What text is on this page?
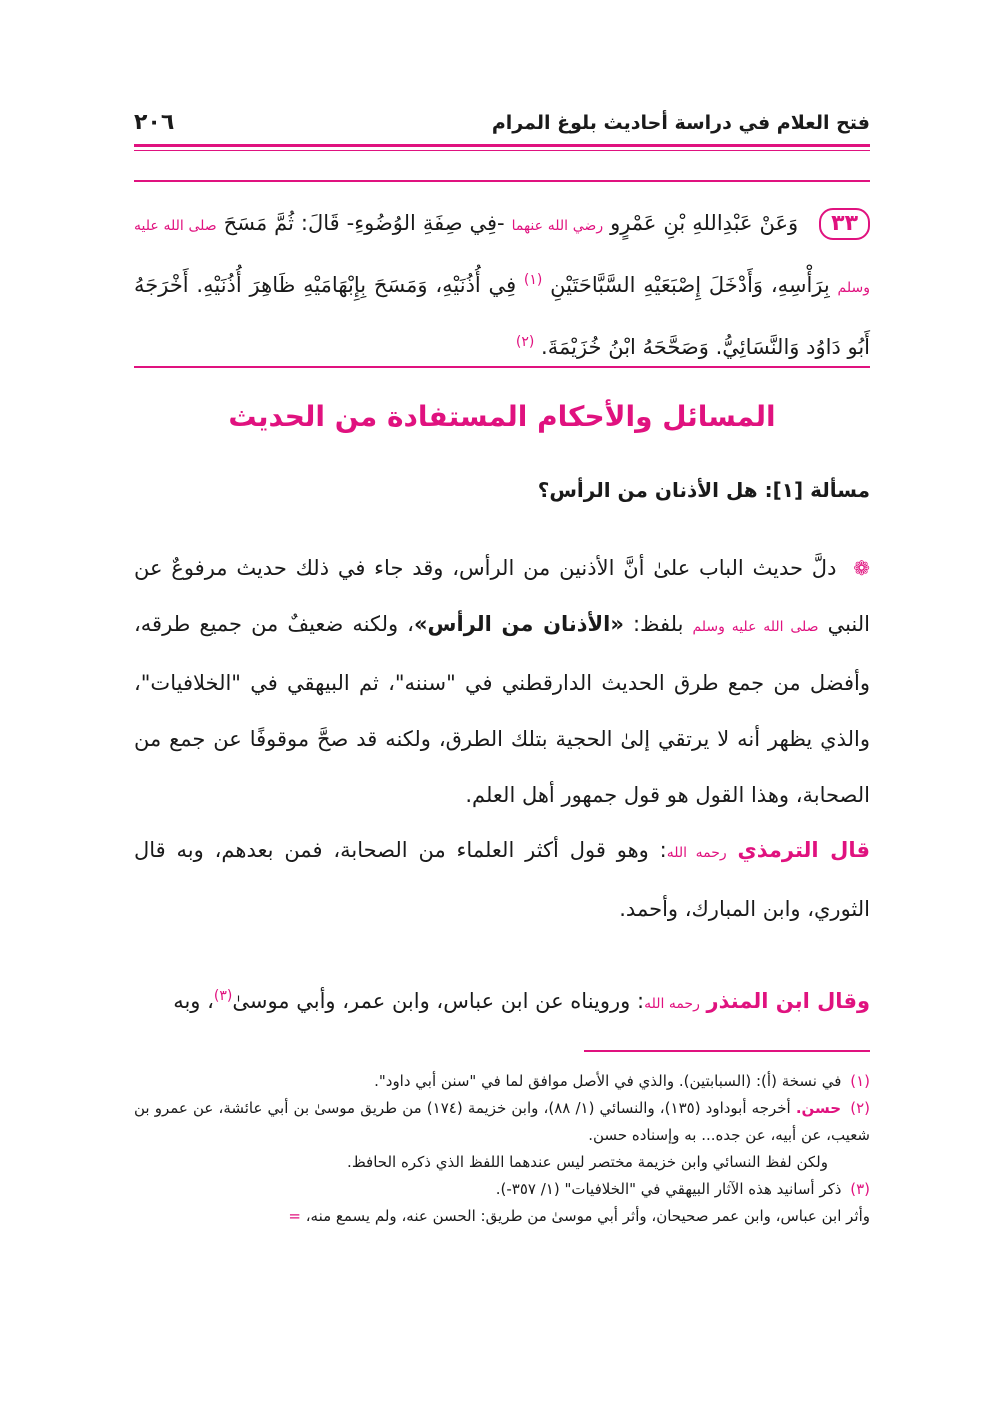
فتح العلام في دراسة أحاديث بلوغ المرام
٢٠٦

٣٣ وَعَنْ عَبْدِاللهِ بْنِ عَمْرٍو رضي الله عنهما -فِي صِفَةِ الوُضُوءِ- قَالَ: ثُمَّ مَسَحَ صلى الله عليه وسلم بِرَأْسِهِ، وَأَدْخَلَ إِصْبَعَيْهِ السَّبَّاحَتَيْنِ $^{(١)}$ فِي أُذُنَيْهِ، وَمَسَحَ بِإِبْهَامَيْهِ ظَاهِرَ أُذُنَيْهِ. أَخْرَجَهُ أَبُو دَاوُد وَالنَّسَائِيُّ. وَصَحَّحَهُ ابْنُ خُزَيْمَةَ. $^{(٢)}$

المسائل والأحكام المستفادة من الحديث
مسألة [١]: هل الأذنان من الرأس؟

❁ دلَّ حديث الباب علىٰ أنَّ الأذنين من الرأس، وقد جاء في ذلك حديث مرفوعٌ عن النبي صلى الله عليه وسلم بلفظ: «الأذنان من الرأس»، ولكنه ضعيفٌ من جميع طرقه، وأفضل من جمع طرق الحديث الدارقطني في "سننه"، ثم البيهقي في "الخلافيات"، والذي يظهر أنه لا يرتقي إلىٰ الحجية بتلك الطرق، ولكنه قد صحَّ موقوفًا عن جمع من الصحابة، وهذا القول هو قول جمهور أهل العلم.

قال الترمذي رحمه الله: وهو قول أكثر العلماء من الصحابة، فمن بعدهم، وبه قال الثوري، وابن المبارك، وأحمد.

وقال ابن المنذر رحمه الله: ورويناه عن ابن عباس، وابن عمر، وأبي موسىٰ$^{(٣)}$، وبه

(١) في نسخة (أ): (السبابتين). والذي في الأصل موافق لما في "سنن أبي داود".

(٢) حسن. أخرجه أبوداود (١٣٥)، والنسائي (١/ ٨٨)، وابن خزيمة (١٧٤) من طريق موسىٰ بن أبي عائشة، عن عمرو بن شعيب، عن أبيه، عن جده... به وإسناده حسن.

ولكن لفظ النسائي وابن خزيمة مختصر ليس عندهما اللفظ الذي ذكره الحافظ.

(٣) ذكر أسانيد هذه الآثار البيهقي في "الخلافيات" (١/ ٣٥٧-).

وأثر ابن عباس، وابن عمر صحيحان، وأثر أبي موسىٰ من طريق: الحسن عنه، ولم يسمع منه، =
